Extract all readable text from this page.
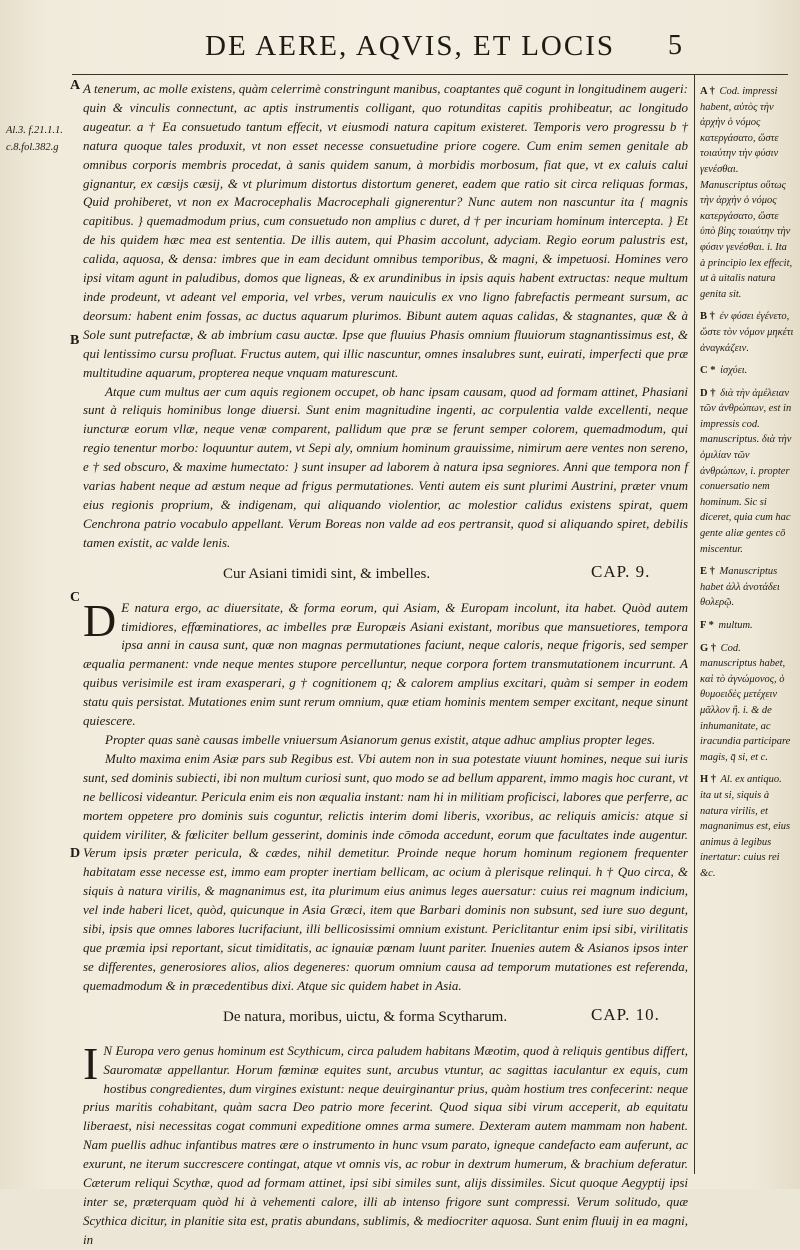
DE AERE, AQVIS, ET LOCIS	5
Al.3. f.21.1.1. c.8.fol.382.g
A
B
C
D

A tenerum, ac molle existens, quàm celerrimè constringunt manibus, coaptantes quē cogunt in longitudinem augeri: quin & vinculis connectunt, ac aptis instrumentis colligant, quo rotunditas capitis prohibeatur, ac longitudo augeatur. a † Ea consuetudo tantum effecit, vt eiusmodi natura capitum existeret. Temporis vero progressu b † natura quoque tales produxit, vt non esset necesse consuetudine priore cogere. Cum enim semen genitale ab omnibus corporis membris procedat, à sanis quidem sanum, à morbidis morbosum, fiat que, vt ex caluis calui gignantur, ex cæsijs cæsij, & vt plurimum distortus distortum generet, eadem que ratio sit circa reliquas formas, Quid prohiberet, vt non ex Macrocephalis Macrocephali gignerentur? Nunc autem non nascuntur ita { magnis capitibus. } quemadmodum prius, cum consuetudo non amplius c duret, d † per incuriam hominum intercepta. } Et de his quidem hæc mea est sententia. De illis autem, qui Phasim accolunt, adyciam. Regio eorum palustris est, calida, aquosa, & densa: imbres que in eam decidunt omnibus temporibus, & magni, & impetuosi. Homines vero ipsi vitam agunt in paludibus, domos que ligneas, & ex arundinibus in ipsis aquis habent extructas: neque multum inde prodeunt, vt adeant vel emporia, vel vrbes, verum nauiculis ex vno ligno fabrefactis permeant sursum, ac deorsum: habent enim fossas, ac ductus aquarum plurimos. Bibunt autem aquas calidas, & stagnantes, quæ & à Sole sunt putrefactæ, & ab imbrium casu auctæ. Ipse que fluuius Phasis omnium fluuiorum stagnantissimus est, & qui lentissimo cursu profluat. Fructus autem, qui illic nascuntur, omnes insalubres sunt, euirati, imperfecti que præ multitudine aquarum, propterea neque vnquam maturescunt.

Atque cum multus aer cum aquis regionem occupet, ob hanc ipsam causam, quod ad formam attinet, Phasiani sunt à reliquis hominibus longe diuersi. Sunt enim magnitudine ingenti, ac corpulentia valde excellenti, neque iuncturæ eorum vllæ, neque venæ comparent, pallidum que præ se ferunt semper colorem, quemadmodum, qui regio tenentur morbo: loquuntur autem, vt Sepi aly, omnium hominum grauissime, nimirum aere ventes non sereno, e † sed obscuro, & maxime humectato: } sunt insuper ad laborem à natura ipsa segniores. Anni que tempora non f varias habent neque ad æstum neque ad frigus permutationes. Venti autem eis sunt plurimi Austrini, præter vnum eius regionis proprium, & indigenam, qui aliquando violentior, ac molestior calidus existens spirat, quem Cenchrona patrio vocabulo appellant. Verum Boreas non valde ad eos pertransit, quod si aliquando spiret, debilis tamen existit, ac valde lenis.

Cur Asiani timidi sint, & imbelles.	CAP. 9.

D E natura ergo, ac diuersitate, & forma eorum, qui Asiam, & Europam incolunt, ita habet. Quòd autem timidiores, effœminatiores, ac imbelles præ Europæis Asiani existant, moribus que mansuetiores, tempora ipsa anni in causa sunt, quæ non magnas permutationes faciunt, neque caloris, neque frigoris, sed semper æqualia permanent: vnde neque mentes stupore percelluntur, neque corpora fortem transmutationem incurrunt. A quibus verisimile est iram exasperari, g † cognitionem q; & calorem amplius excitari, quàm si semper in eodem statu quis persistat. Mutationes enim sunt rerum omnium, quæ etiam hominis mentem semper excitant, neque sinunt quiescere.

Propter quas sanè causas imbelle vniuersum Asianorum genus existit, atque adhuc amplius propter leges.

Multo maxima enim Asiæ pars sub Regibus est. Vbi autem non in sua potestate viuunt homines, neque sui iuris sunt, sed dominis subiecti, ibi non multum curiosi sunt, quo modo se ad bellum apparent, immo magis hoc curant, vt ne bellicosi videantur. Pericula enim eis non æqualia instant: nam hi in militiam proficisci, labores que perferre, ac mortem oppetere pro dominis suis coguntur, relictis interim domi liberis, vxoribus, ac reliquis amicis: atque si quidem viriliter, & fœliciter bellum gesserint, dominis inde cōmoda accedunt, eorum que facultates inde augentur. Verum ipsis præter pericula, & cædes, nihil demetitur. Proinde neque horum hominum regionem frequenter habitatam esse necesse est, immo eam propter inertiam bellicam, ac ocium à plerisque relinqui. h † Quo circa, & siquis à natura virilis, & magnanimus est, ita plurimum eius animus leges auersatur: cuius rei magnum indicium, vel inde haberi licet, quòd, quicunque in Asia Græci, item que Barbari dominis non subsunt, sed iure suo degunt, sibi, ipsis que omnes labores lucrifaciunt, illi bellicosissimi omnium existunt. Periclitantur enim ipsi sibi, virilitatis que præmia ipsi reportant, sicut timiditatis, ac ignauiæ pœnam luunt pariter. Inuenies autem & Asianos ipsos inter se differentes, generosiores alios, alios degeneres: quorum omnium causa ad temporum mutationes est referenda, quemadmodum & in præcedentibus dixi. Atque sic quidem habet in Asia.

De natura, moribus, uictu, & forma Scytharum.	CAP. 10.

I N Europa vero genus hominum est Scythicum, circa paludem habitans Mæotim, quod à reliquis gentibus differt, Sauromatæ appellantur. Horum fœminæ equites sunt, arcubus vtuntur, ac sagittas iaculantur ex equis, cum hostibus congredientes, dum virgines existunt: neque deuirginantur prius, quàm hostium tres confecerint: neque prius maritis cohabitant, quàm sacra Deo patrio more fecerint. Quod siqua sibi virum acceperit, ab equitatu liberaest, nisi necessitas cogat communi expeditione omnes arma sumere. Dexteram autem mammam non habent. Nam puellis adhuc infantibus matres ære o instrumento in hunc vsum parato, igneque candefacto eam auferunt, ac exurunt, ne iterum succrescere contingat, atque vt omnis vis, ac robur in dextrum humerum, & brachium deferatur. Cæterum reliqui Scythæ, quod ad formam attinet, ipsi sibi similes sunt, alijs dissimiles. Sicut quoque Aegyptij ipsi inter se, præterquam quòd hi à vehementi calore, illi ab intenso frigore sunt compressi. Verum solitudo, quæ Scythica dicitur, in planitie sita est, pratis abundans, sublimis, & mediocriter aquosa. Sunt enim fluuij in ea magni, in

A † Cod. impressi habent, αὐτὸς τὴν ἀρχὴν ὁ νόμος κατεργάσατο, ὥστε τοιαύτην τὴν φύσιν γενέσθαι. Manuscriptus οὕτως τὴν ἀρχὴν ὁ νόμος κατεργάσατο, ὥστε ὑπὸ βίης τοιαύτην τὴν φύσιν γενέσθαι. i. Ita à principio lex effecit, ut à uitalis natura genita sit.
B † ἐν φύσει ἐγένετο, ὥστε τὸν νόμον μηκέτι ἀναγκάζειν.
C * ἰσχύει.
D † διὰ τὴν ἀμέλειαν τῶν ἀνθρώπων, est in impressis cod. manuscriptus. διὰ τὴν ὁμιλίαν τῶν ἀνθρώπων, i. propter conuersatio nem hominum. Sic si diceret, quia cum hac gente aliæ gentes cō miscentur.
E † Manuscriptus habet ἀλλ ἀνοτάδει θολερῷ.
F * multum.
G † Cod. manuscriptus habet, καὶ τὸ ἀγνώμονος, ὁ θυμοειδὲς μετέχειν μᾶλλον ἢ. i. & de inhumanitate, ac iracundia participare magis, q̄ si, et c.
H † Al. ex antiquo. ita ut si, siquis à natura virilis, et magnanimus est, eius animus à legibus inertatur: cuius rei &c.
